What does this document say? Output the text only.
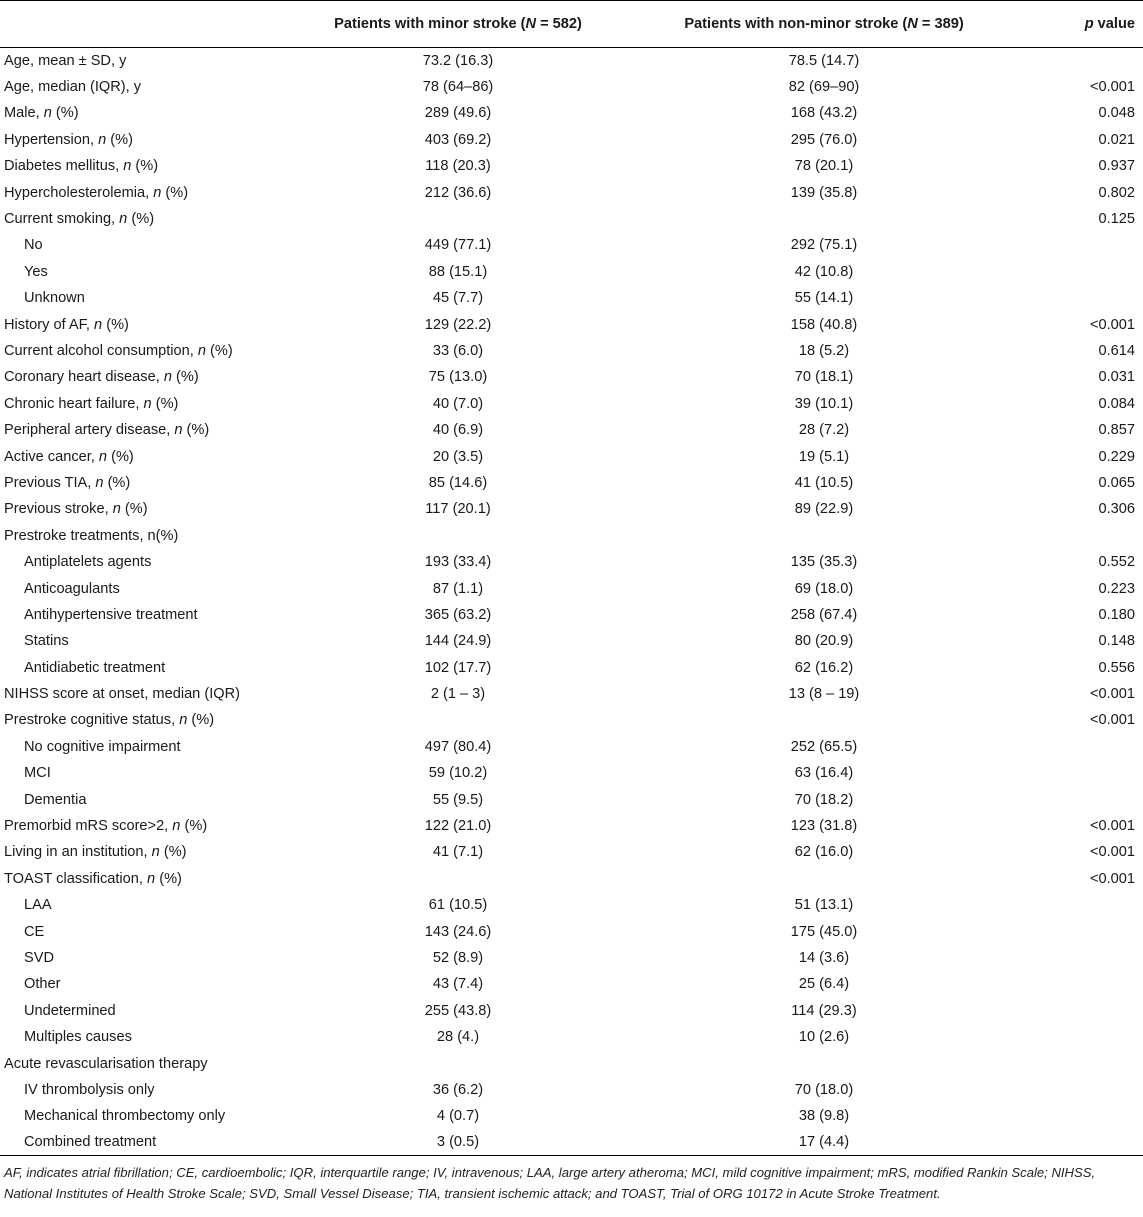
	Patients with minor stroke (N = 582)	Patients with non-minor stroke (N = 389)	p value
Age, mean ± SD, y	73.2 (16.3)	78.5 (14.7)	
Age, median (IQR), y	78 (64–86)	82 (69–90)	<0.001
Male, n (%)	289 (49.6)	168 (43.2)	0.048
Hypertension, n (%)	403 (69.2)	295 (76.0)	0.021
Diabetes mellitus, n (%)	118 (20.3)	78 (20.1)	0.937
Hypercholesterolemia, n (%)	212 (36.6)	139 (35.8)	0.802
Current smoking, n (%)			0.125
No	449 (77.1)	292 (75.1)	
Yes	88 (15.1)	42 (10.8)	
Unknown	45 (7.7)	55 (14.1)	
History of AF, n (%)	129 (22.2)	158 (40.8)	<0.001
Current alcohol consumption, n (%)	33 (6.0)	18 (5.2)	0.614
Coronary heart disease, n (%)	75 (13.0)	70 (18.1)	0.031
Chronic heart failure, n (%)	40 (7.0)	39 (10.1)	0.084
Peripheral artery disease, n (%)	40 (6.9)	28 (7.2)	0.857
Active cancer, n (%)	20 (3.5)	19 (5.1)	0.229
Previous TIA, n (%)	85 (14.6)	41 (10.5)	0.065
Previous stroke, n (%)	117 (20.1)	89 (22.9)	0.306
Prestroke treatments, n(%)			
Antiplatelets agents	193 (33.4)	135 (35.3)	0.552
Anticoagulants	87 (1.1)	69 (18.0)	0.223
Antihypertensive treatment	365 (63.2)	258 (67.4)	0.180
Statins	144 (24.9)	80 (20.9)	0.148
Antidiabetic treatment	102 (17.7)	62 (16.2)	0.556
NIHSS score at onset, median (IQR)	2 (1 – 3)	13 (8 – 19)	<0.001
Prestroke cognitive status, n (%)			<0.001
No cognitive impairment	497 (80.4)	252 (65.5)	
MCI	59 (10.2)	63 (16.4)	
Dementia	55 (9.5)	70 (18.2)	
Premorbid mRS score>2, n (%)	122 (21.0)	123 (31.8)	<0.001
Living in an institution, n (%)	41 (7.1)	62 (16.0)	<0.001
TOAST classification, n (%)			<0.001
LAA	61 (10.5)	51 (13.1)	
CE	143 (24.6)	175 (45.0)	
SVD	52 (8.9)	14 (3.6)	
Other	43 (7.4)	25 (6.4)	
Undetermined	255 (43.8)	114 (29.3)	
Multiples causes	28 (4.)	10 (2.6)	
Acute revascularisation therapy			
IV thrombolysis only	36 (6.2)	70 (18.0)	
Mechanical thrombectomy only	4 (0.7)	38 (9.8)	
Combined treatment	3 (0.5)	17 (4.4)	
AF, indicates atrial fibrillation; CE, cardioembolic; IQR, interquartile range; IV, intravenous; LAA, large artery atheroma; MCI, mild cognitive impairment; mRS, modified Rankin Scale; NIHSS, National Institutes of Health Stroke Scale; SVD, Small Vessel Disease; TIA, transient ischemic attack; and TOAST, Trial of ORG 10172 in Acute Stroke Treatment.
